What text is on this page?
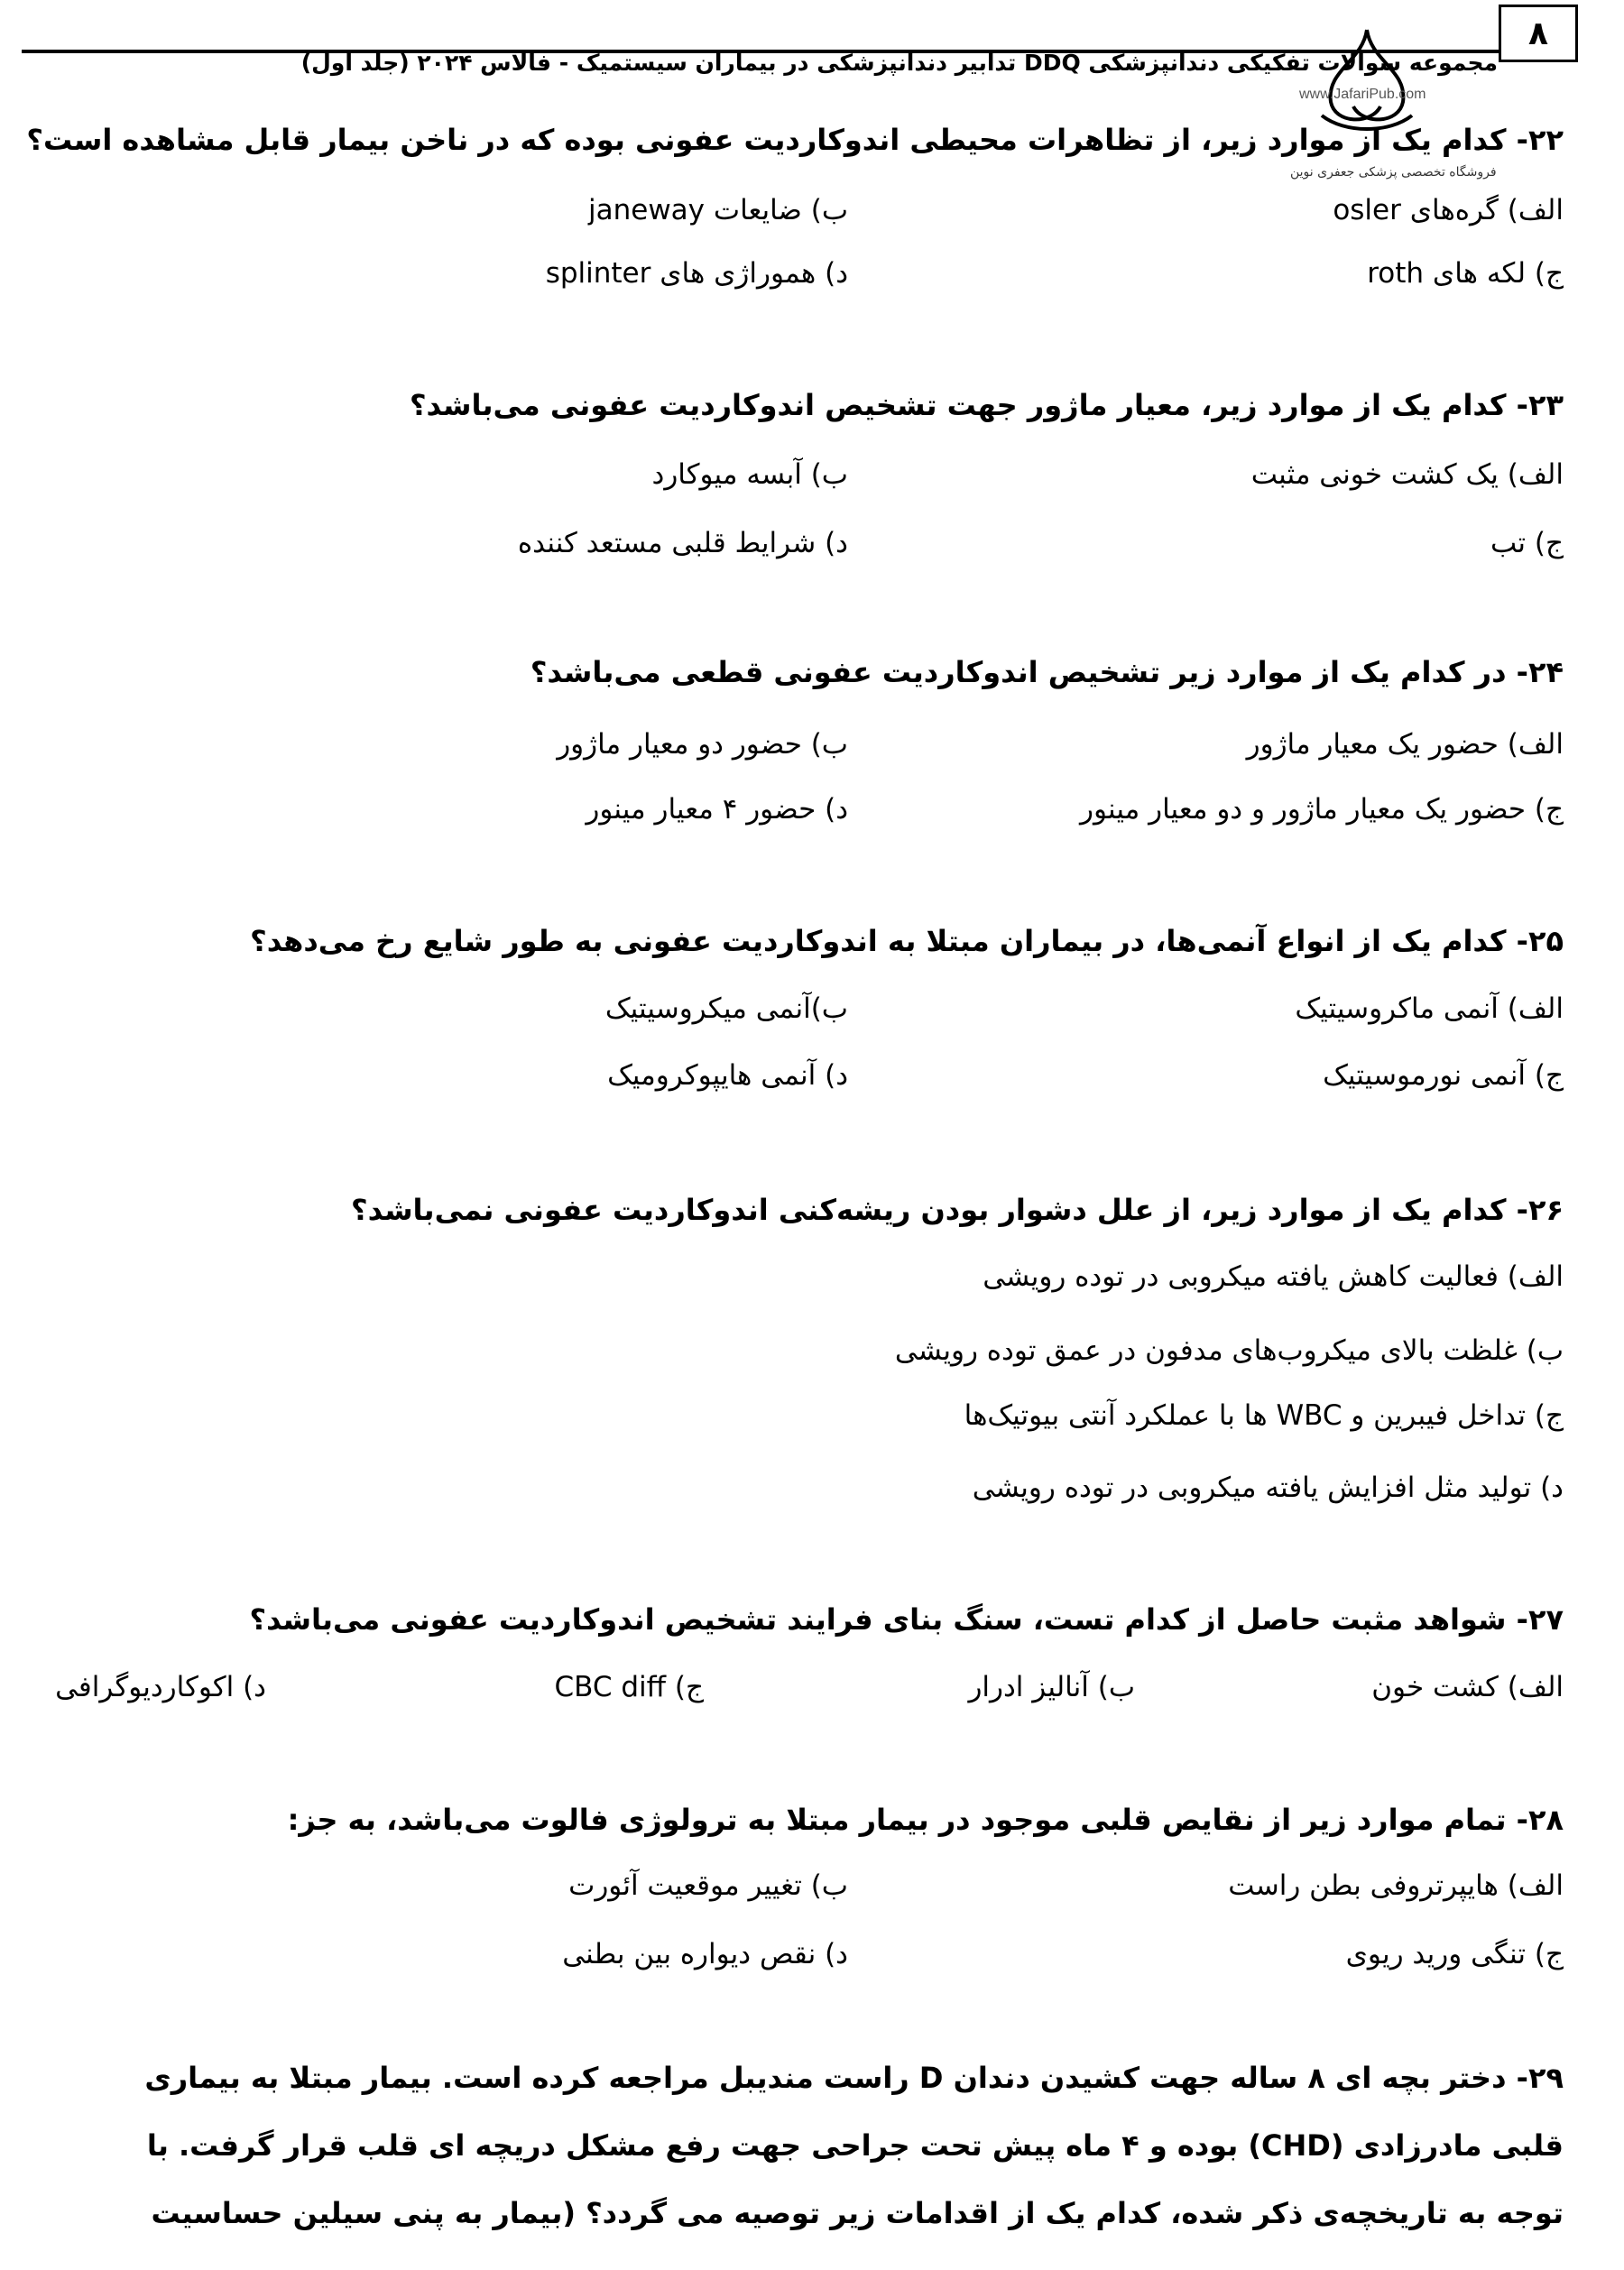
۸
مجموعه سوالات تفکیکی دندانپزشکی DDQ تدابیر دندانپزشکی در بیماران سیستمیک - فالاس ۲۰۲۴ (جلد اول)
www.JafariPub.com
فروشگاه تخصصی پزشکی جعفری نوین
۲۲- کدام یک از موارد زیر، از تظاهرات محیطی اندوکاردیت عفونی بوده که در ناخن بیمار قابل مشاهده است؟
الف) گره‌های osler
ب) ضایعات janeway
ج) لکه های roth
د) هموراژی های splinter
۲۳- کدام یک از موارد زیر، معیار ماژور جهت تشخیص اندوکاردیت عفونی می‌باشد؟
الف) یک کشت خونی مثبت
ب) آبسه میوکارد
ج) تب
د) شرایط قلبی مستعد کننده
۲۴- در کدام یک از موارد زیر تشخیص اندوکاردیت عفونی قطعی می‌باشد؟
الف) حضور یک معیار ماژور
ب) حضور دو معیار ماژور
ج) حضور یک معیار ماژور و دو معیار مینور
د) حضور ۴ معیار مینور
۲۵- کدام یک از انواع آنمی‌ها، در بیماران مبتلا به اندوکاردیت عفونی به طور شایع رخ می‌دهد؟
الف) آنمی ماکروسیتیک
ب)آنمی میکروسیتیک
ج) آنمی نورموسیتیک
د) آنمی هایپوکرومیک
۲۶- کدام یک از موارد زیر، از علل دشوار بودن ریشه‌کنی اندوکاردیت عفونی نمی‌باشد؟
الف) فعالیت کاهش یافته میکروبی در توده رویشی
ب) غلظت بالای میکروب‌های مدفون در عمق توده رویشی
ج) تداخل فیبرین و WBC ها با عملکرد آنتی بیوتیک‌ها
د) تولید مثل افزایش یافته میکروبی در توده رویشی
۲۷- شواهد مثبت حاصل از کدام تست، سنگ بنای فرایند تشخیص اندوکاردیت عفونی می‌باشد؟
الف) کشت خون
ب) آنالیز ادرار
ج) CBC diff
د) اکوکاردیوگرافی
۲۸- تمام موارد زیر از نقایص قلبی موجود در بیمار مبتلا به ترولوژی فالوت می‌باشد، به جز:
الف) هایپرتروفی بطن راست
ب) تغییر موقعیت آئورت
ج) تنگی ورید ریوی
د) نقص دیواره بین بطنی
۲۹- دختر بچه ای ۸ ساله جهت کشیدن دندان D راست مندیبل مراجعه کرده است. بیمار مبتلا به بیماری
قلبی مادرزادی (CHD) بوده و ۴ ماه پیش تحت جراحی جهت رفع مشکل دریچه ای قلب قرار گرفت. با
توجه به تاریخچه‌ی ذکر شده، کدام یک از اقدامات زیر توصیه می گردد؟ (بیمار به پنی سیلین حساسیت
